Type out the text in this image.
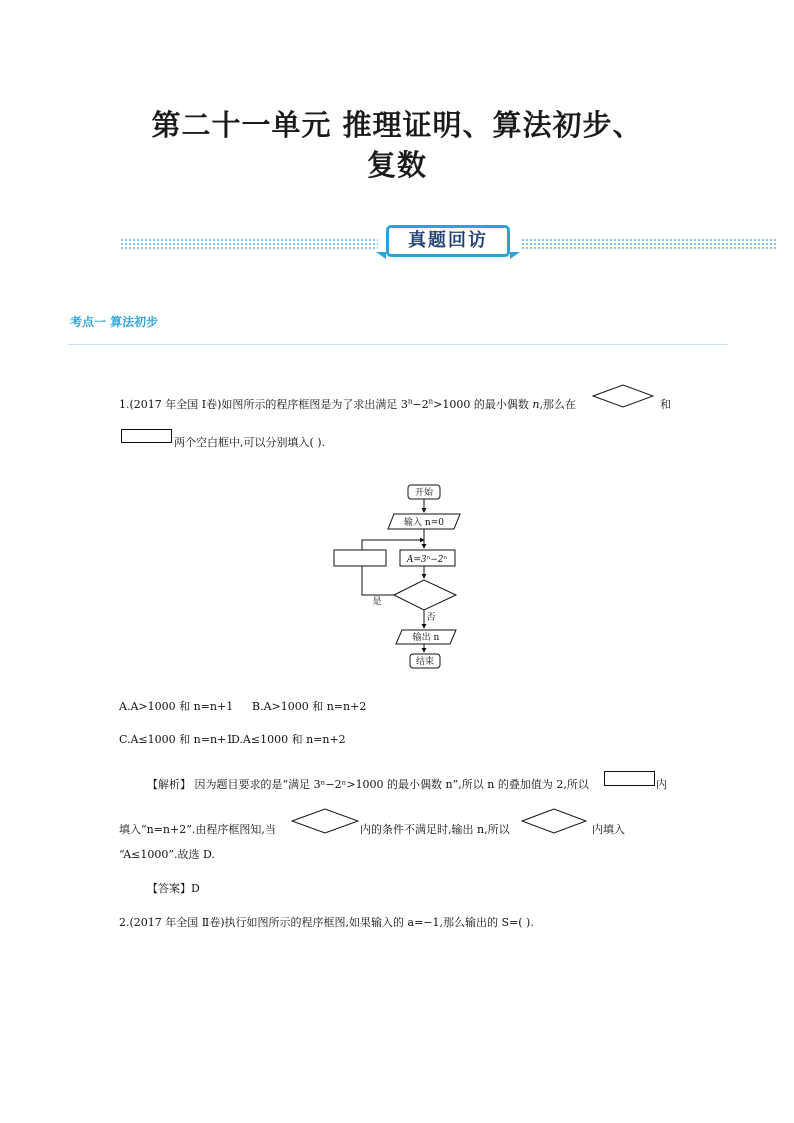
第二十一单元 推理证明、算法初步、
复数
真题回访
考点一 算法初步
1.(2017 年全国 Ⅰ卷)如图所示的程序框图是为了求出满足 $3^n-2^n>1000$ 的最小偶数 n,那么在	和
两个空白框中,可以分别填入( ).
开始
输入 n=0
A=3ⁿ−2ⁿ
是
否
输出 n
结束
A.A>1000 和 n=n+1 B.A>1000 和 n=n+2
C.A≤1000 和 n=n+1
D.A≤1000 和 n=n+2
【解析】 因为题目要求的是“满足 3ⁿ−2ⁿ>1000 的最小偶数 n”,所以 n 的叠加值为 2,所以	内
填入“n=n+2”.由程序框图知,当	内的条件不满足时,输出 n,所以	内填入
“A≤1000”.故选 D.
【答案】D
2.(2017 年全国 Ⅱ卷)执行如图所示的程序框图,如果输入的 a=−1,那么输出的 S=( ).
